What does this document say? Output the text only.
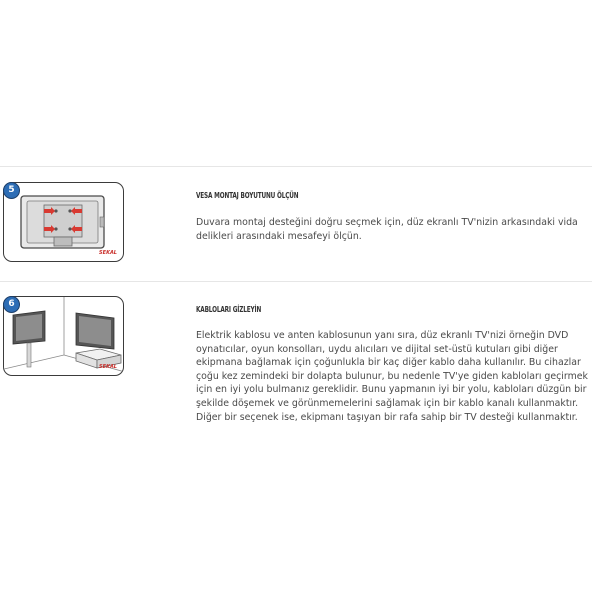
5
SEKAL
VESA MONTAJ BOYUTUNU ÖLÇÜN

Duvara montaj desteğini doğru seçmek için, düz ekranlı TV'nizin arkasındaki vida

delikleri arasındaki mesafeyi ölçün.

6
SEKAL
KABLOLARI GİZLEYİN

Elektrik kablosu ve anten kablosunun yanı sıra, düz ekranlı TV'nizi örneğin DVD

oynatıcılar, oyun konsolları, uydu alıcıları ve dijital set-üstü kutuları gibi diğer

ekipmana bağlamak için çoğunlukla bir kaç diğer kablo daha kullanılır. Bu cihazlar

çoğu kez zemindeki bir dolapta bulunur, bu nedenle TV'ye giden kabloları geçirmek

için en iyi yolu bulmanız gereklidir. Bunu yapmanın iyi bir yolu, kabloları düzgün bir

şekilde döşemek ve görünmemelerini sağlamak için bir kablo kanalı kullanmaktır.

Diğer bir seçenek ise, ekipmanı taşıyan bir rafa sahip bir TV desteği kullanmaktır.
